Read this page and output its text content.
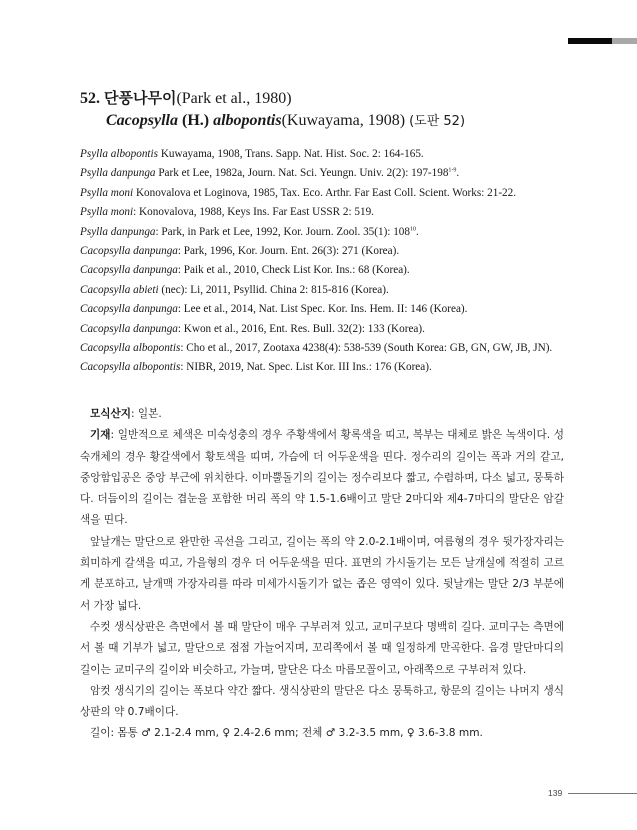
52. 단풍나무이(Park et al., 1980)
Cacopsylla (H.) albopontis(Kuwayama, 1908) (도판 52)
Psylla albopontis Kuwayama, 1908, Trans. Sapp. Nat. Hist. Soc. 2: 164-165.
Psylla danpunga Park et Lee, 1982a, Journ. Nat. Sci. Yeungn. Univ. 2(2): 197-198$^{1-9}$.
Psylla moni Konovalova et Loginova, 1985, Tax. Eco. Arthr. Far East Coll. Scient. Works: 21-22.
Psylla moni: Konovalova, 1988, Keys Ins. Far East USSR 2: 519.
Psylla danpunga: Park, in Park et Lee, 1992, Kor. Journ. Zool. 35(1): $108^{10}$.
Cacopsylla danpunga: Park, 1996, Kor. Journ. Ent. 26(3): 271 (Korea).
Cacopsylla danpunga: Paik et al., 2010, Check List Kor. Ins.: 68 (Korea).
Cacopsylla abieti (nec): Li, 2011, Psyllid. China 2: 815-816 (Korea).
Cacopsylla danpunga: Lee et al., 2014, Nat. List Spec. Kor. Ins. Hem. II: 146 (Korea).
Cacopsylla danpunga: Kwon et al., 2016, Ent. Res. Bull. 32(2): 133 (Korea).
Cacopsylla albopontis: Cho et al., 2017, Zootaxa 4238(4): 538-539 (South Korea: GB, GN, GW, JB, JN).
Cacopsylla albopontis: NIBR, 2019, Nat. Spec. List Kor. III Ins.: 176 (Korea).

모식산지: 일본.

기재: 일반적으로 체색은 미숙성충의 경우 주황색에서 황록색을 띠고, 복부는 대체로 밝은 녹색이다. 성숙개체의 경우 황갈색에서 황토색을 띠며, 가슴에 더 어두운색을 띤다. 정수리의 길이는 폭과 거의 같고, 중앙함입공은 중앙 부근에 위치한다. 이마뿔돌기의 길이는 정수리보다 짧고, 수렴하며, 다소 넓고, 뭉툭하다. 더듬이의 길이는 겹눈을 포함한 머리 폭의 약 1.5-1.6배이고 말단 2마디와 제4-7마디의 말단은 암갈색을 띤다.

앞날개는 말단으로 완만한 곡선을 그리고, 길이는 폭의 약 2.0-2.1배이며, 여름형의 경우 뒷가장자리는 희미하게 갈색을 띠고, 가을형의 경우 더 어두운색을 띤다. 표면의 가시돌기는 모든 날개실에 적절히 고르게 분포하고, 날개맥 가장자리를 따라 미세가시돌기가 없는 좁은 영역이 있다. 뒷날개는 말단 2/3 부분에서 가장 넓다.

수컷 생식상판은 측면에서 볼 때 말단이 매우 구부러져 있고, 교미구보다 명백히 길다. 교미구는 측면에서 볼 때 기부가 넓고, 말단으로 점점 가늘어지며, 꼬리쪽에서 볼 때 일정하게 만곡한다. 음경 말단마디의 길이는 교미구의 길이와 비슷하고, 가늘며, 말단은 다소 마름모꼴이고, 아래쪽으로 구부러져 있다.

암컷 생식기의 길이는 폭보다 약간 짧다. 생식상판의 말단은 다소 뭉툭하고, 항문의 길이는 나머지 생식상판의 약 0.7배이다.

길이: 몸통 ♂ 2.1-2.4 mm, ♀ 2.4-2.6 mm; 전체 ♂ 3.2-3.5 mm, ♀ 3.6-3.8 mm.

139
